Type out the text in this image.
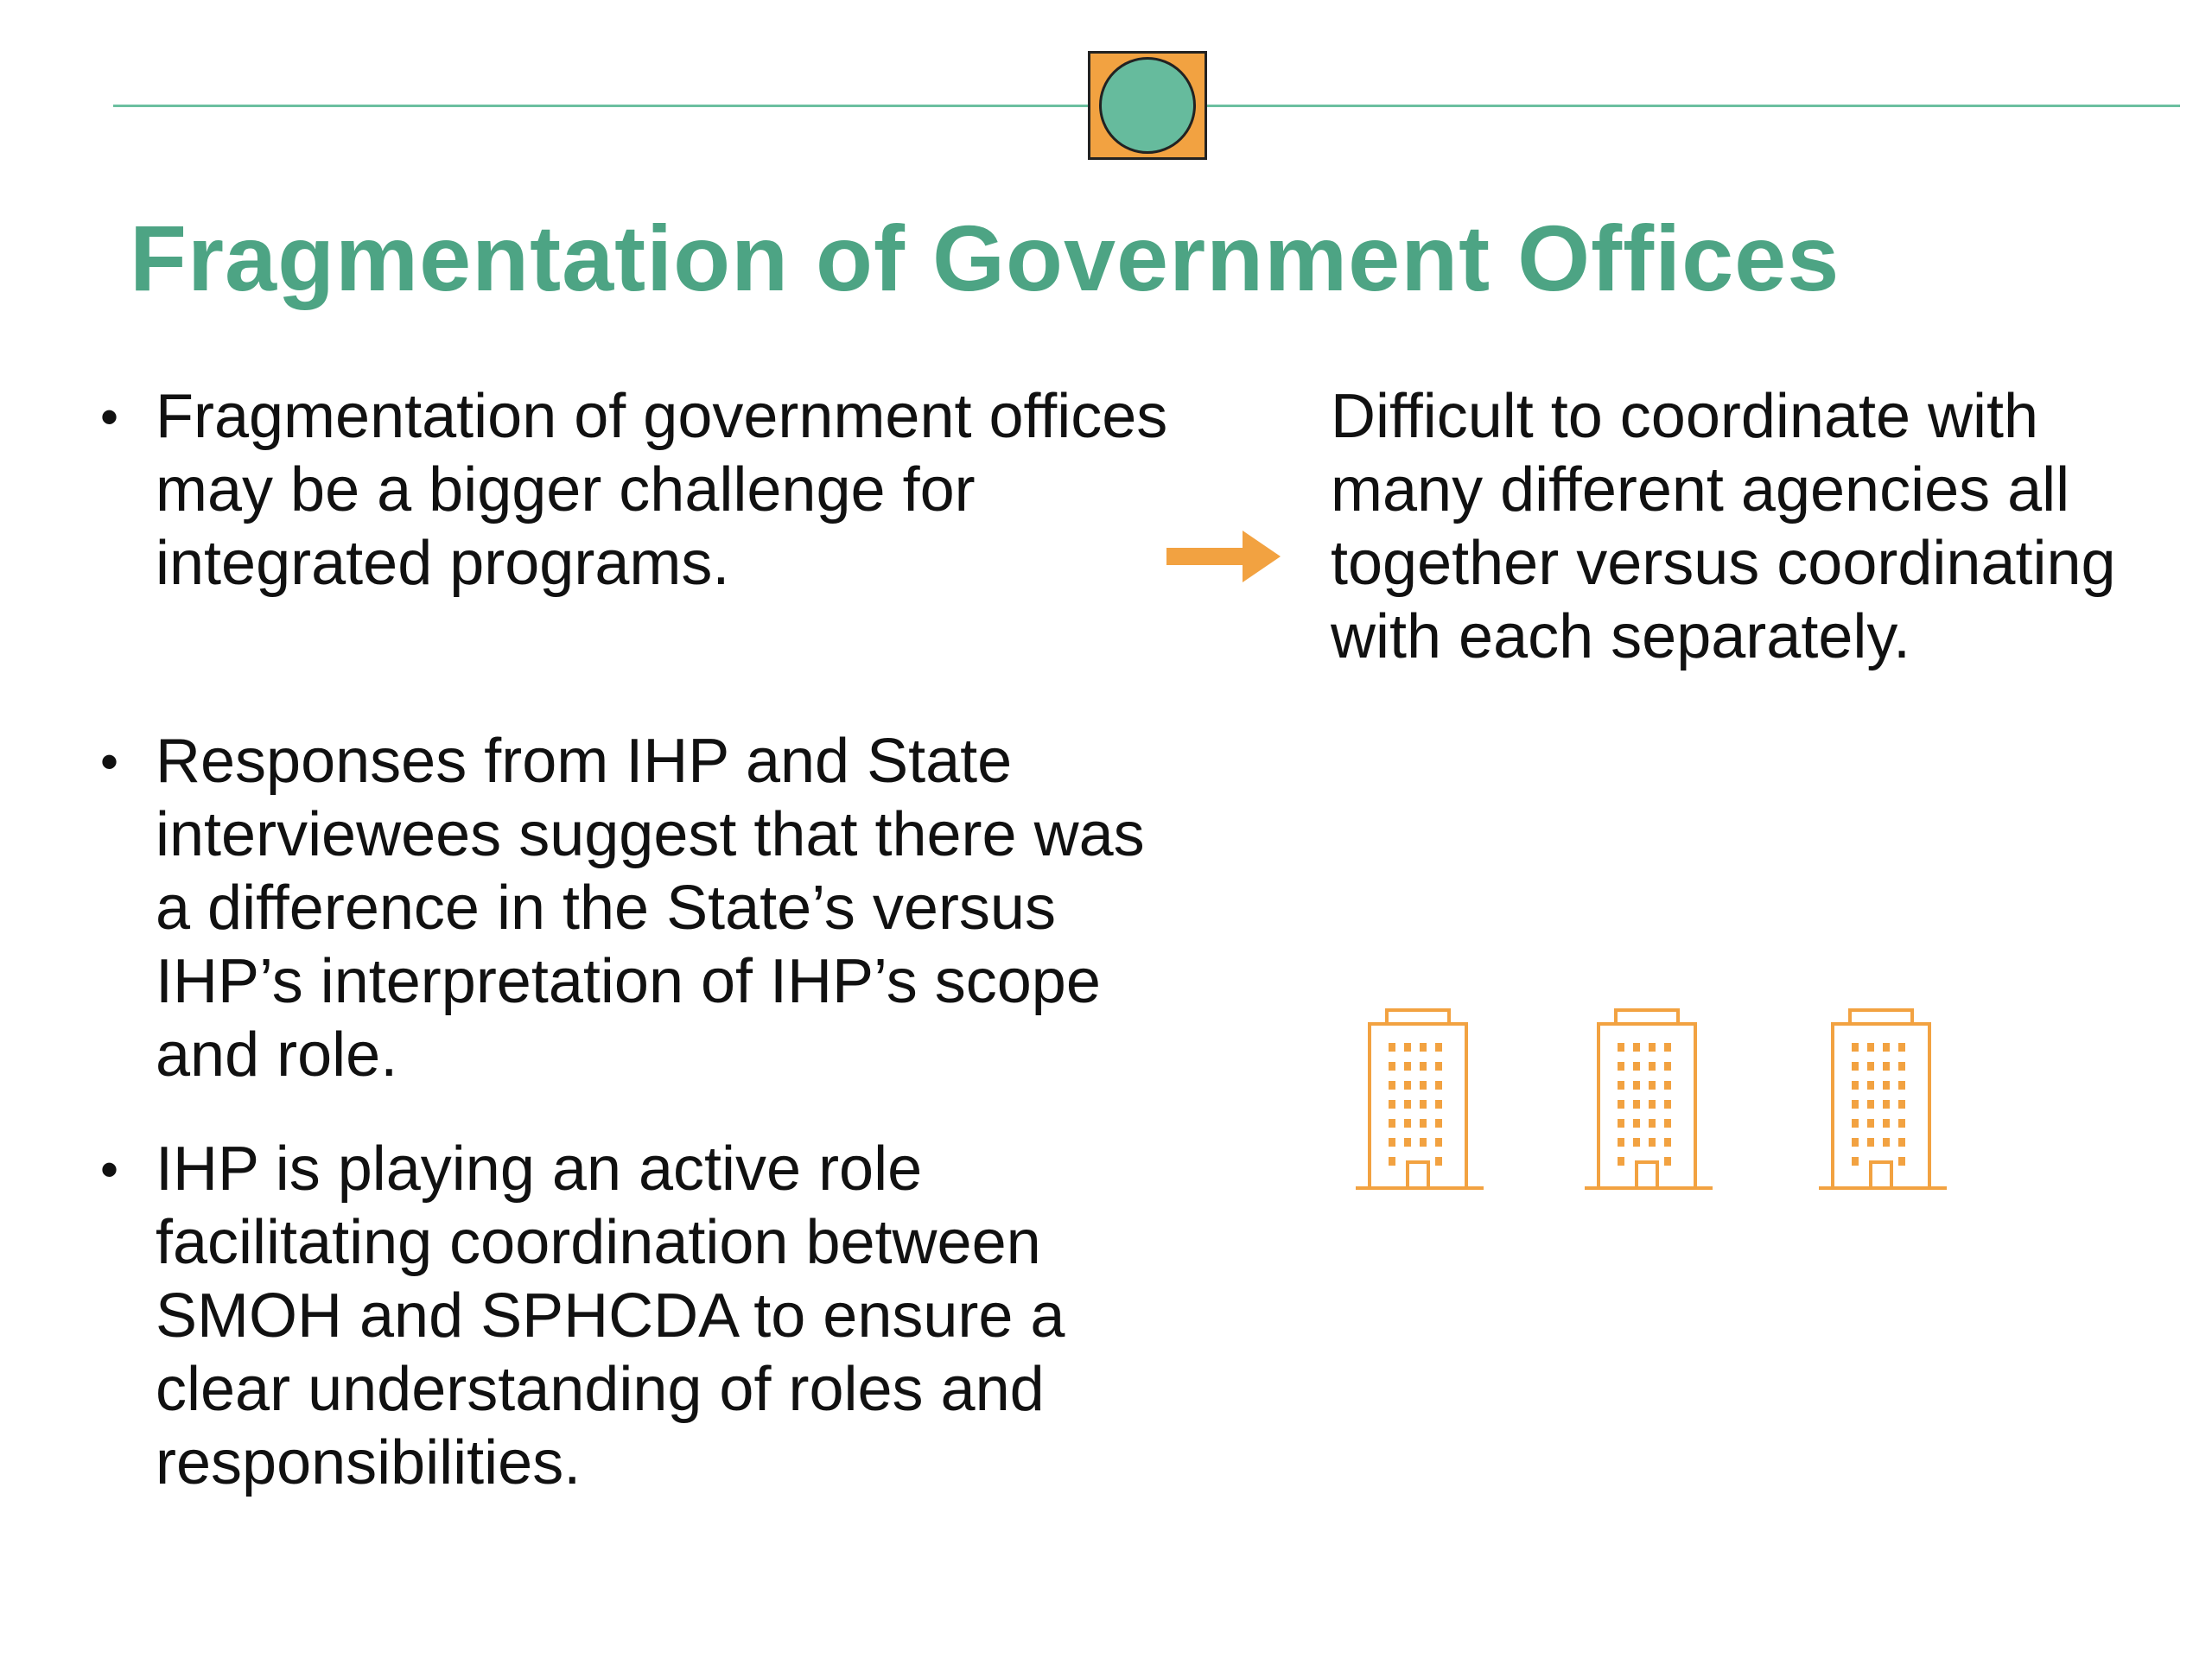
Fragmentation of Government Offices
• Fragmentation of government offices may be a bigger challenge for integrated programs.
• Responses from IHP and State interviewees suggest that there was a difference in the State’s versus IHP’s interpretation of IHP’s scope and role.
• IHP is playing an active role facilitating coordination between SMOH and SPHCDA to ensure a clear understanding of roles and responsibilities.

Difficult to coordinate with many different agencies all together versus coordinating with each separately.
